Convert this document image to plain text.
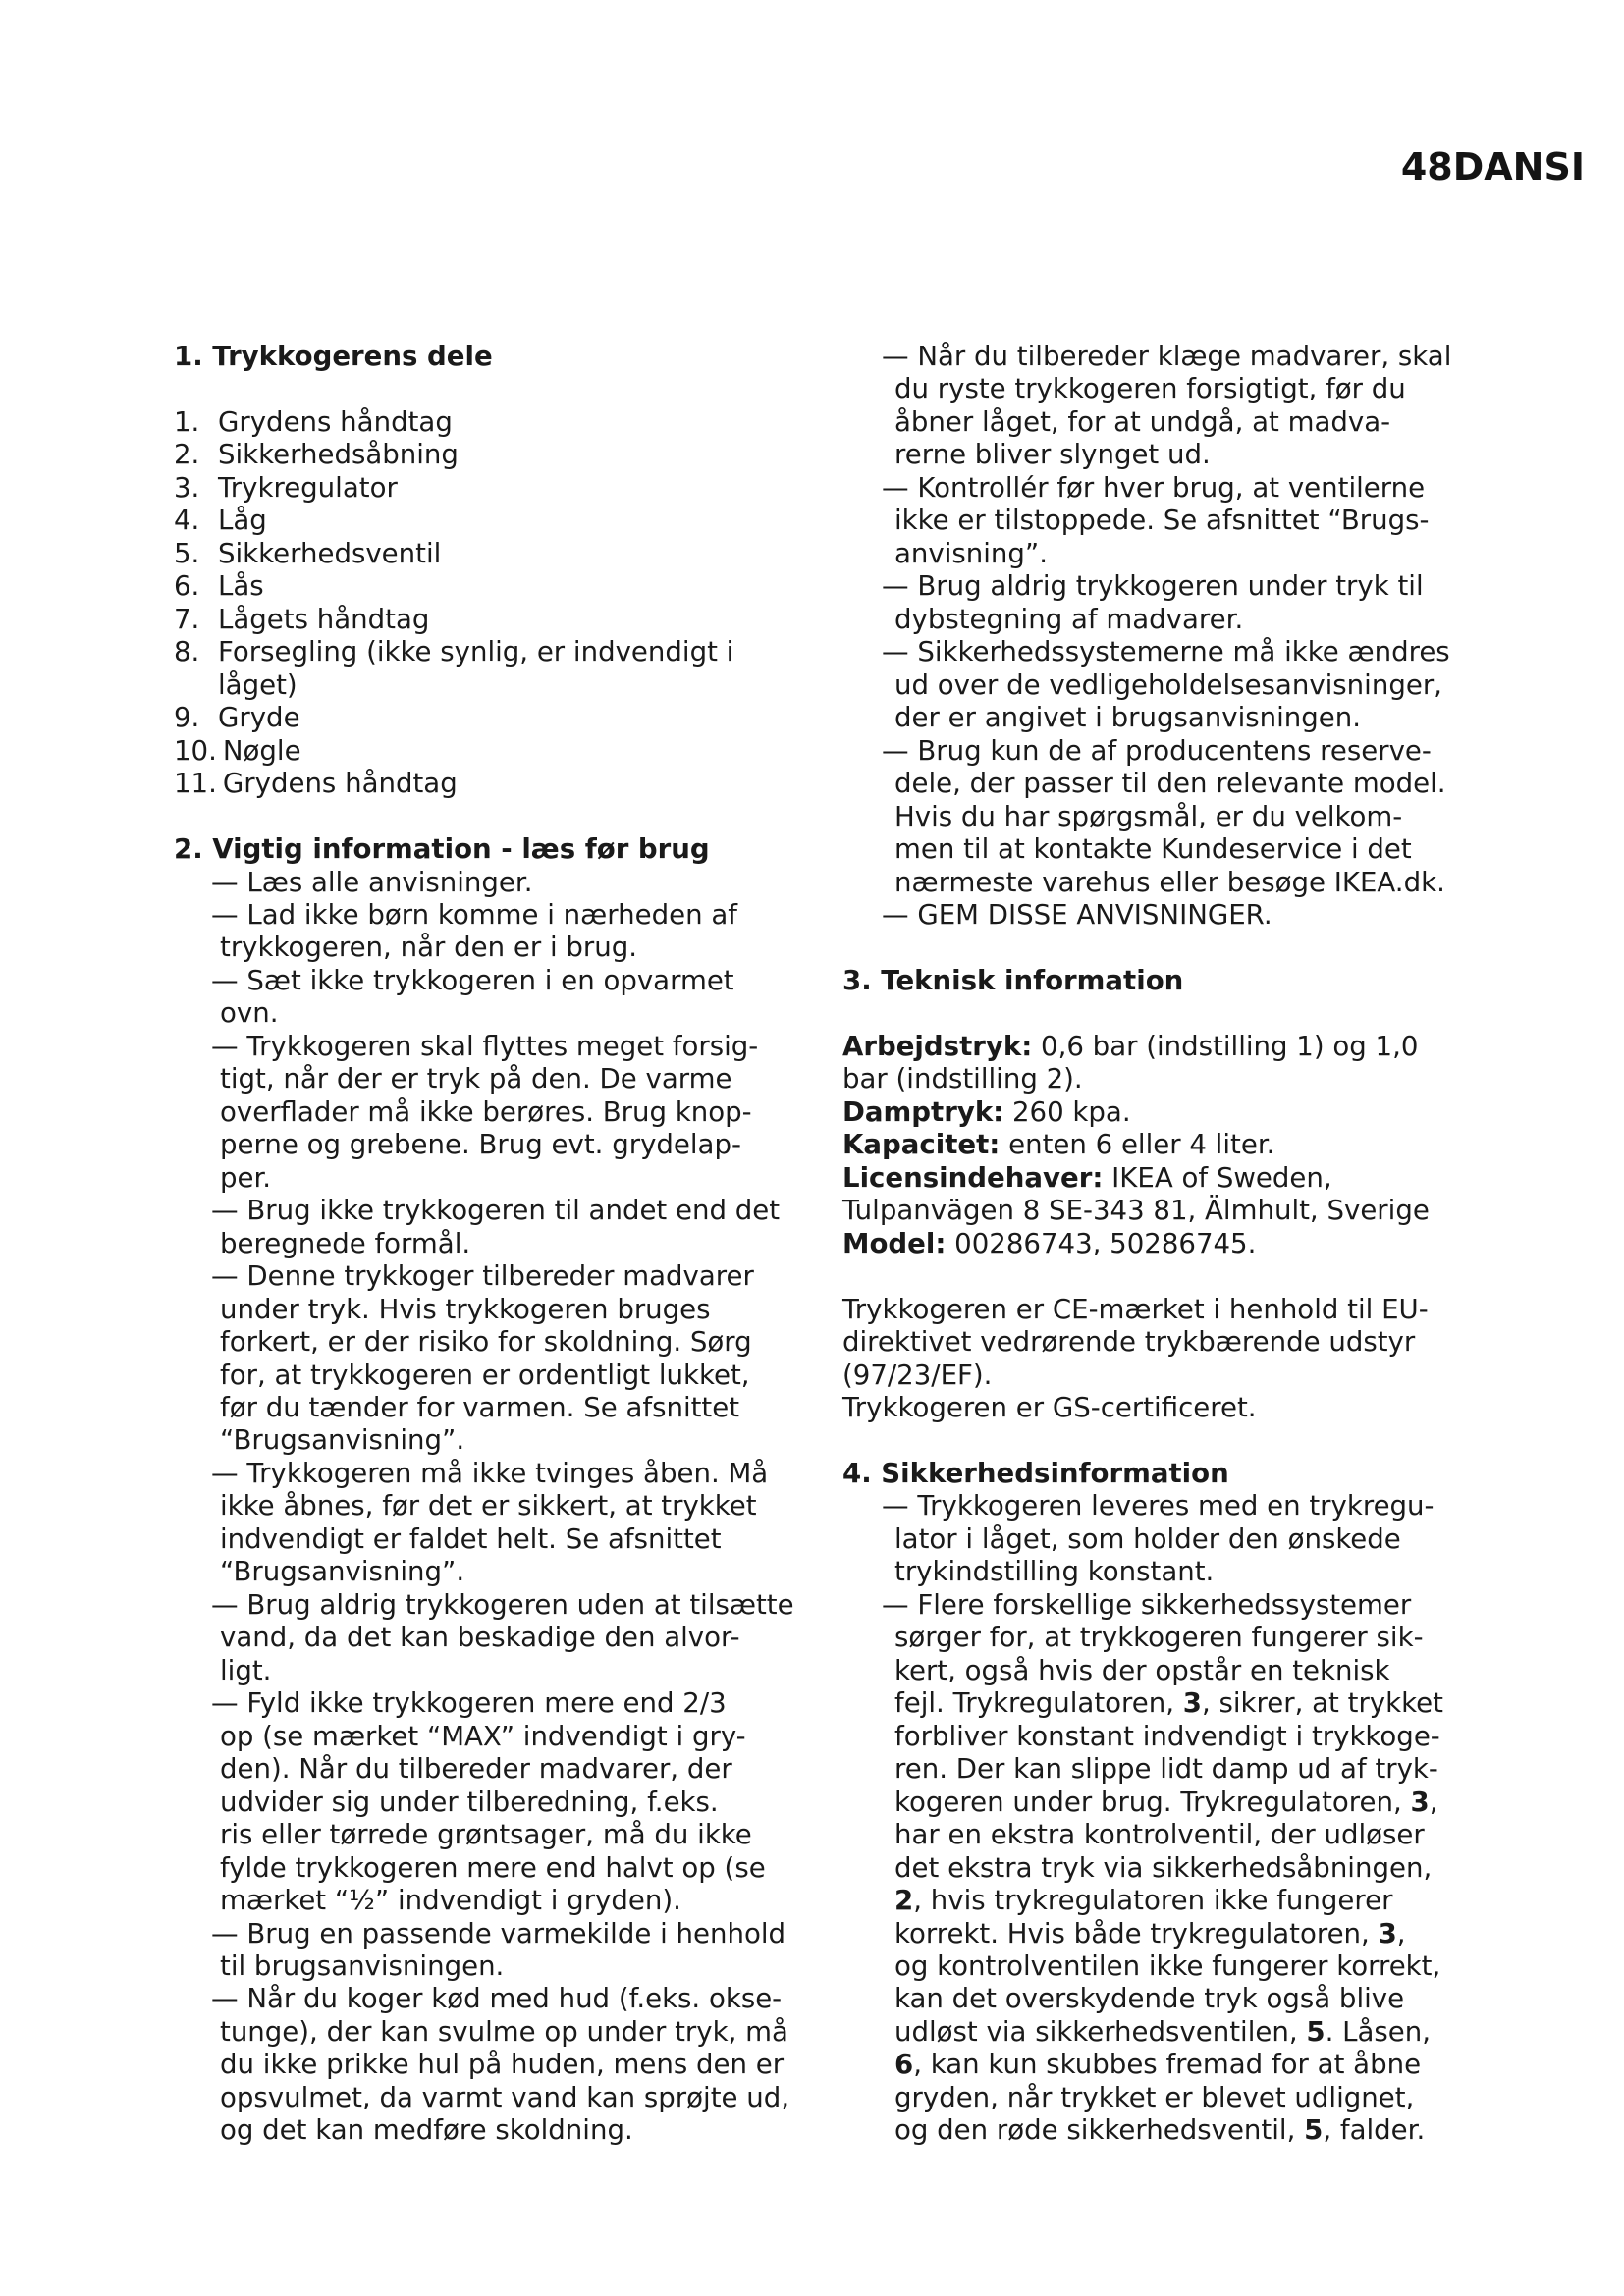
48DANSI
1. Trykkogerens dele
1. Grydens håndtag
2. Sikkerhedsåbning
3. Trykregulator
4. Låg
5. Sikkerhedsventil
6. Lås
7. Lågets håndtag
8. Forsegling (ikke synlig, er indvendigt i
låget)
9. Gryde
10. Nøgle
11. Grydens håndtag
2. Vigtig information - læs før brug
— Læs alle anvisninger.
— Lad ikke børn komme i nærheden af
trykkogeren, når den er i brug.
— Sæt ikke trykkogeren i en opvarmet
ovn.
— Trykkogeren skal flyttes meget forsig-
tigt, når der er tryk på den. De varme
overflader må ikke berøres. Brug knop-
perne og grebene. Brug evt. grydelap-
per.
— Brug ikke trykkogeren til andet end det
beregnede formål.
— Denne trykkoger tilbereder madvarer
under tryk. Hvis trykkogeren bruges
forkert, er der risiko for skoldning. Sørg
for, at trykkogeren er ordentligt lukket,
før du tænder for varmen. Se afsnittet
“Brugsanvisning”.
— Trykkogeren må ikke tvinges åben. Må
ikke åbnes, før det er sikkert, at trykket
indvendigt er faldet helt. Se afsnittet
“Brugsanvisning”.
— Brug aldrig trykkogeren uden at tilsætte
vand, da det kan beskadige den alvor-
ligt.
— Fyld ikke trykkogeren mere end 2/3
op (se mærket “MAX” indvendigt i gry-
den). Når du tilbereder madvarer, der
udvider sig under tilberedning, f.eks.
ris eller tørrede grøntsager, må du ikke
fylde trykkogeren mere end halvt op (se
mærket “½” indvendigt i gryden).
— Brug en passende varmekilde i henhold
til brugsanvisningen.
— Når du koger kød med hud (f.eks. okse-
tunge), der kan svulme op under tryk, må
du ikke prikke hul på huden, mens den er
opsvulmet, da varmt vand kan sprøjte ud,
og det kan medføre skoldning.
— Når du tilbereder klæge madvarer, skal
du ryste trykkogeren forsigtigt, før du
åbner låget, for at undgå, at madva-
rerne bliver slynget ud.
— Kontrollér før hver brug, at ventilerne
ikke er tilstoppede. Se afsnittet “Brugs-
anvisning”.
— Brug aldrig trykkogeren under tryk til
dybstegning af madvarer.
— Sikkerhedssystemerne må ikke ændres
ud over de vedligeholdelsesanvisninger,
der er angivet i brugsanvisningen.
— Brug kun de af producentens reserve-
dele, der passer til den relevante model.
Hvis du har spørgsmål, er du velkom-
men til at kontakte Kundeservice i det
nærmeste varehus eller besøge IKEA.dk.
— GEM DISSE ANVISNINGER.
3. Teknisk information
Arbejdstryk: 0,6 bar (indstilling 1) og 1,0
bar (indstilling 2).
Damptryk: 260 kpa.
Kapacitet: enten 6 eller 4 liter.
Licensindehaver: IKEA of Sweden,
Tulpanvägen 8 SE-343 81, Älmhult, Sverige
Model: 00286743, 50286745.
Trykkogeren er CE-mærket i henhold til EU-
direktivet vedrørende trykbærende udstyr
(97/23/EF).
Trykkogeren er GS-certificeret.
4. Sikkerhedsinformation
— Trykkogeren leveres med en trykregu-
lator i låget, som holder den ønskede
trykindstilling konstant.
— Flere forskellige sikkerhedssystemer
sørger for, at trykkogeren fungerer sik-
kert, også hvis der opstår en teknisk
fejl. Trykregulatoren, 3, sikrer, at trykket
forbliver konstant indvendigt i trykkoge-
ren. Der kan slippe lidt damp ud af tryk-
kogeren under brug. Trykregulatoren, 3,
har en ekstra kontrolventil, der udløser
det ekstra tryk via sikkerhedsåbningen,
2, hvis trykregulatoren ikke fungerer
korrekt. Hvis både trykregulatoren, 3,
og kontrolventilen ikke fungerer korrekt,
kan det overskydende tryk også blive
udløst via sikkerhedsventilen, 5. Låsen,
6, kan kun skubbes fremad for at åbne
gryden, når trykket er blevet udlignet,
og den røde sikkerhedsventil, 5, falder.
